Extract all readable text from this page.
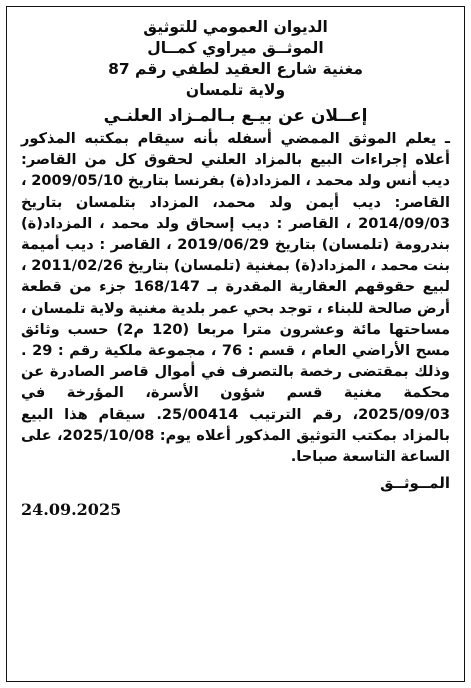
الديوان العمومي للتوثيق
الموثــق ميراوي كمــال
مغنية شارع العقيد لطفي رقم 87
ولاية تلمسان
إعــلان عن بيـع بـالمـزاد العلنـي
ـ يعلم الموثق الممضي أسفله بأنه سيقام بمكتبه المذكور أعلاه إجراءات البيع بالمزاد العلني لحقوق كل من القاصر: ديب أنس ولد محمد ، المزداد(ة) بفرنسا بتاريخ 2009/05/10 ، القاصر: ديب أيمن ولد محمد، المزداد بتلمسان بتاريخ 2014/09/03 ، القاصر : ديب إسحاق ولد محمد ، المزداد(ة) بندرومة (تلمسان) بتاريخ 2019/06/29 ، القاصر : ديب أميمة بنت محمد ، المزداد(ة) بمغنية (تلمسان) بتاريخ 2011/02/26 ، لبيع حقوقهم العقارية المقدرة بـ 168/147 جزء من قطعة أرض صالحة للبناء ، توجد بحي عمر بلدية مغنية ولاية تلمسان ، مساحتها مائة وعشرون مترا مربعا (120 م2) حسب وثائق مسح الأراضي العام ، قسم : 76 ، مجموعة ملكية رقم : 29 . وذلك بمقتضى رخصة بالتصرف في أموال قاصر الصادرة عن محكمة مغنية قسم شؤون الأسرة، المؤرخة في 2025/09/03، رقم الترتيب 25/00414. سيقام هذا البيع بالمزاد بمكتب التوثيق المذكور أعلاه يوم: 2025/10/08، على الساعة التاسعة صباحا.
المــوثــق
24.09.2025
